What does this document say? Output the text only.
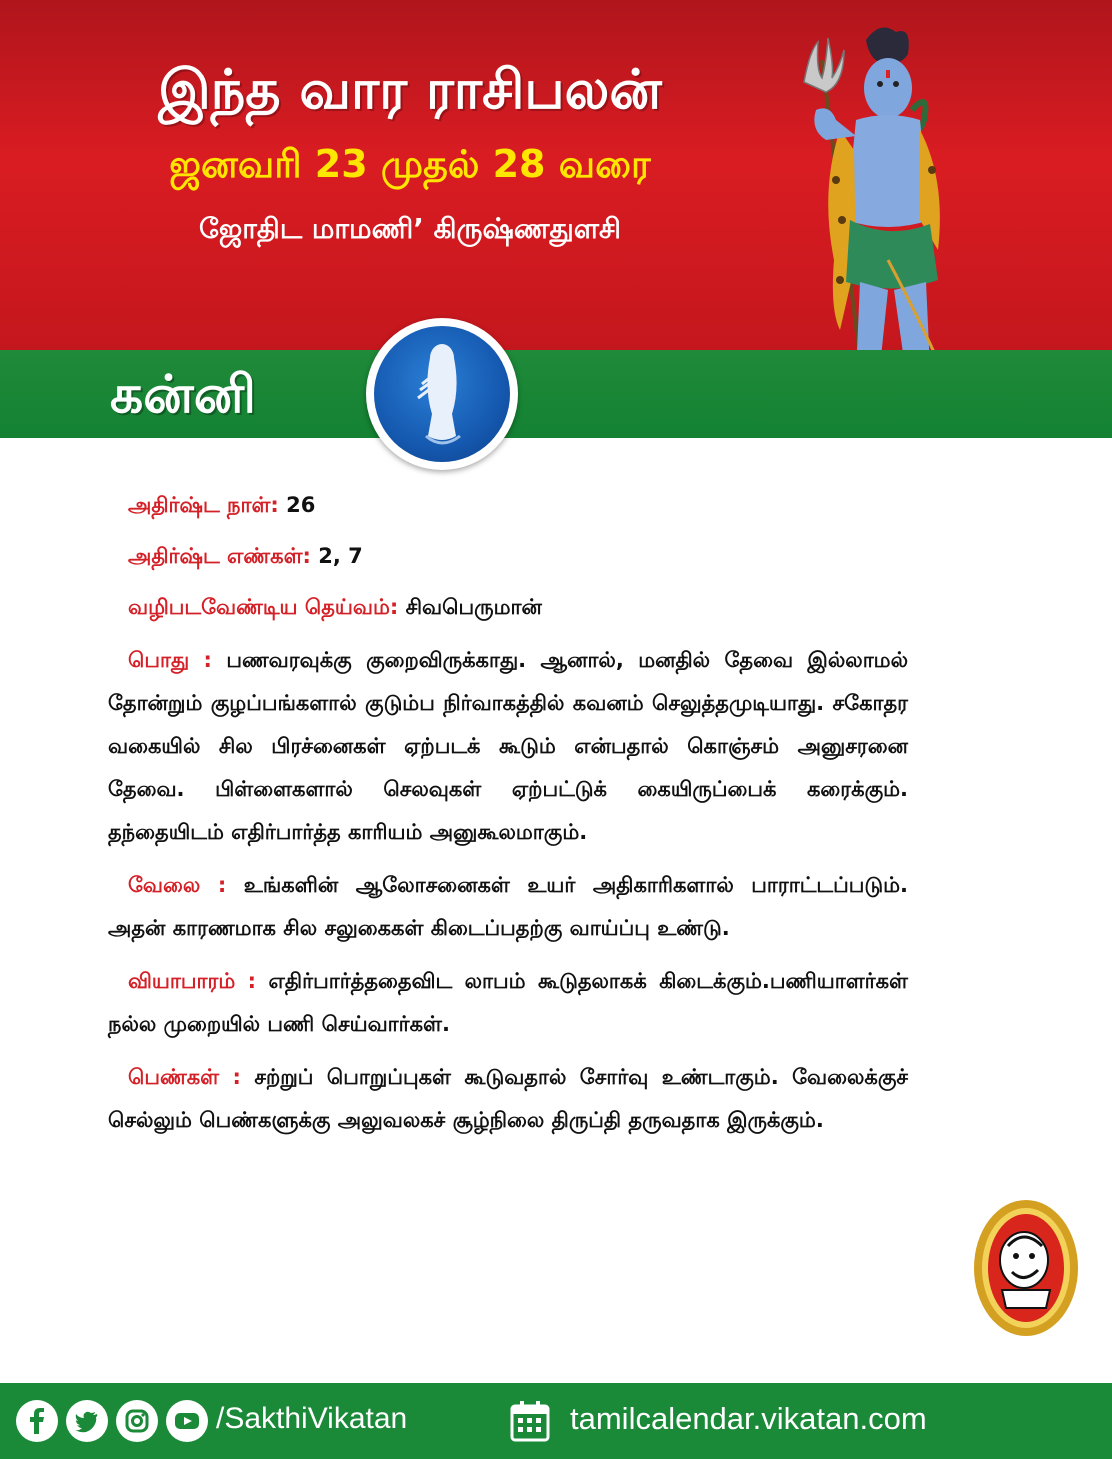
இந்த வார ராசிபலன்

ஜனவரி 23 முதல் 28 வரை

ஜோதிட மாமணி’ கிருஷ்ணதுளசி

கன்னி
அதிர்ஷ்ட நாள்: 26
அதிர்ஷ்ட எண்கள்: 2, 7
வழிபடவேண்டிய தெய்வம்: சிவபெருமான்

பொது : பணவரவுக்கு குறைவிருக்காது. ஆனால், மனதில் தேவை இல்லாமல் தோன்றும் குழப்பங்களால் குடும்ப நிர்வாகத்தில் கவனம் செலுத்தமுடியாது. சகோதர வகையில் சில பிரச்னைகள் ஏற்படக் கூடும் என்பதால் கொஞ்சம் அனுசரனை தேவை. பிள்ளைகளால் செலவுகள் ஏற்பட்டுக் கையிருப்பைக் கரைக்கும். தந்தையிடம் எதிர்பார்த்த காரியம் அனுகூலமாகும்.

வேலை : உங்களின் ஆலோசனைகள் உயர் அதிகாரிகளால் பாராட்டப்படும். அதன் காரணமாக சில சலுகைகள் கிடைப்பதற்கு வாய்ப்பு உண்டு.

வியாபாரம் : எதிர்பார்த்ததைவிட லாபம் கூடுதலாகக் கிடைக்கும்.பணியாளர்கள் நல்ல முறையில் பணி செய்வார்கள்.

பெண்கள் : சற்றுப் பொறுப்புகள் கூடுவதால் சோர்வு உண்டாகும். வேலைக்குச் செல்லும் பெண்களுக்கு அலுவலகச் சூழ்நிலை திருப்தி தருவதாக இருக்கும்.

/SakthiVikatan	tamilcalendar.vikatan.com
